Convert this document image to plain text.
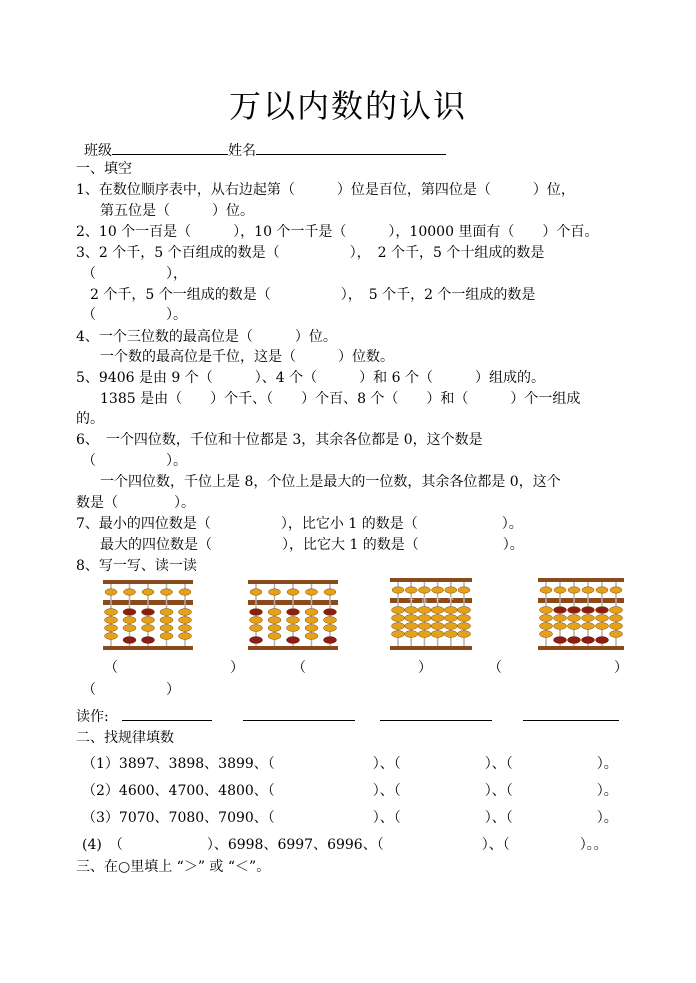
万以内数的认识
班级	姓名
一、填空
1、在数位顺序表中，从右边起第（　　　）位是百位，第四位是（　　　）位，
第五位是（　　　）位。
2、10 个一百是（　　　），10 个一千是（　　　），10000 里面有（　　）个百。
3、2 个千，5 个百组成的数是（　　　　　），　2 个千，5 个十组成的数是
（　　　　　），
2 个千，5 个一组成的数是（　　　　　），　5 个千，2 个一组成的数是
（　　　　　）。
4、一个三位数的最高位是（　　　）位。
一个数的最高位是千位，这是（　　　）位数。
5、9406 是由 9 个（　　　）、4 个（　　　）和 6 个（　　　）组成的。
1385 是由（　　）个千、（　　）个百、8 个（　　）和（　　　）个一组成
的。
6、　一个四位数，千位和十位都是 3，其余各位都是 0，这个数是
（　　　　　）。
一个四位数，千位上是 8，个位上是最大的一位数，其余各位都是 0，这个
数是（　　　　）。
7、最小的四位数是（　　　　　），比它小 1 的数是（　　　　　　）。
最大的四位数是（　　　　　），比它大 1 的数是（　　　　　　）。
8、写一写、读一读
千 百 十 个
（　　　　　　　　）	（　　　　　　　　）	（　　　　　　　　）
（　　　　　）
读作:
二、找规律填数
（1）3897、3898、3899、（　　　　　　　）、（　　　　　　）、（　　　　　　）。
（2）4600、4700、4800、（　　　　　　　）、（　　　　　　）、（　　　　　　）。
（3）7070、7080、7090、（　　　　　　　）、（　　　　　　）、（　　　　　　）。
(4)　（　　　　　　）、6998、6997、6996、（　　　　　　　）、（　　　　　）。。
三、在○里填上 “＞” 或 “＜”。
